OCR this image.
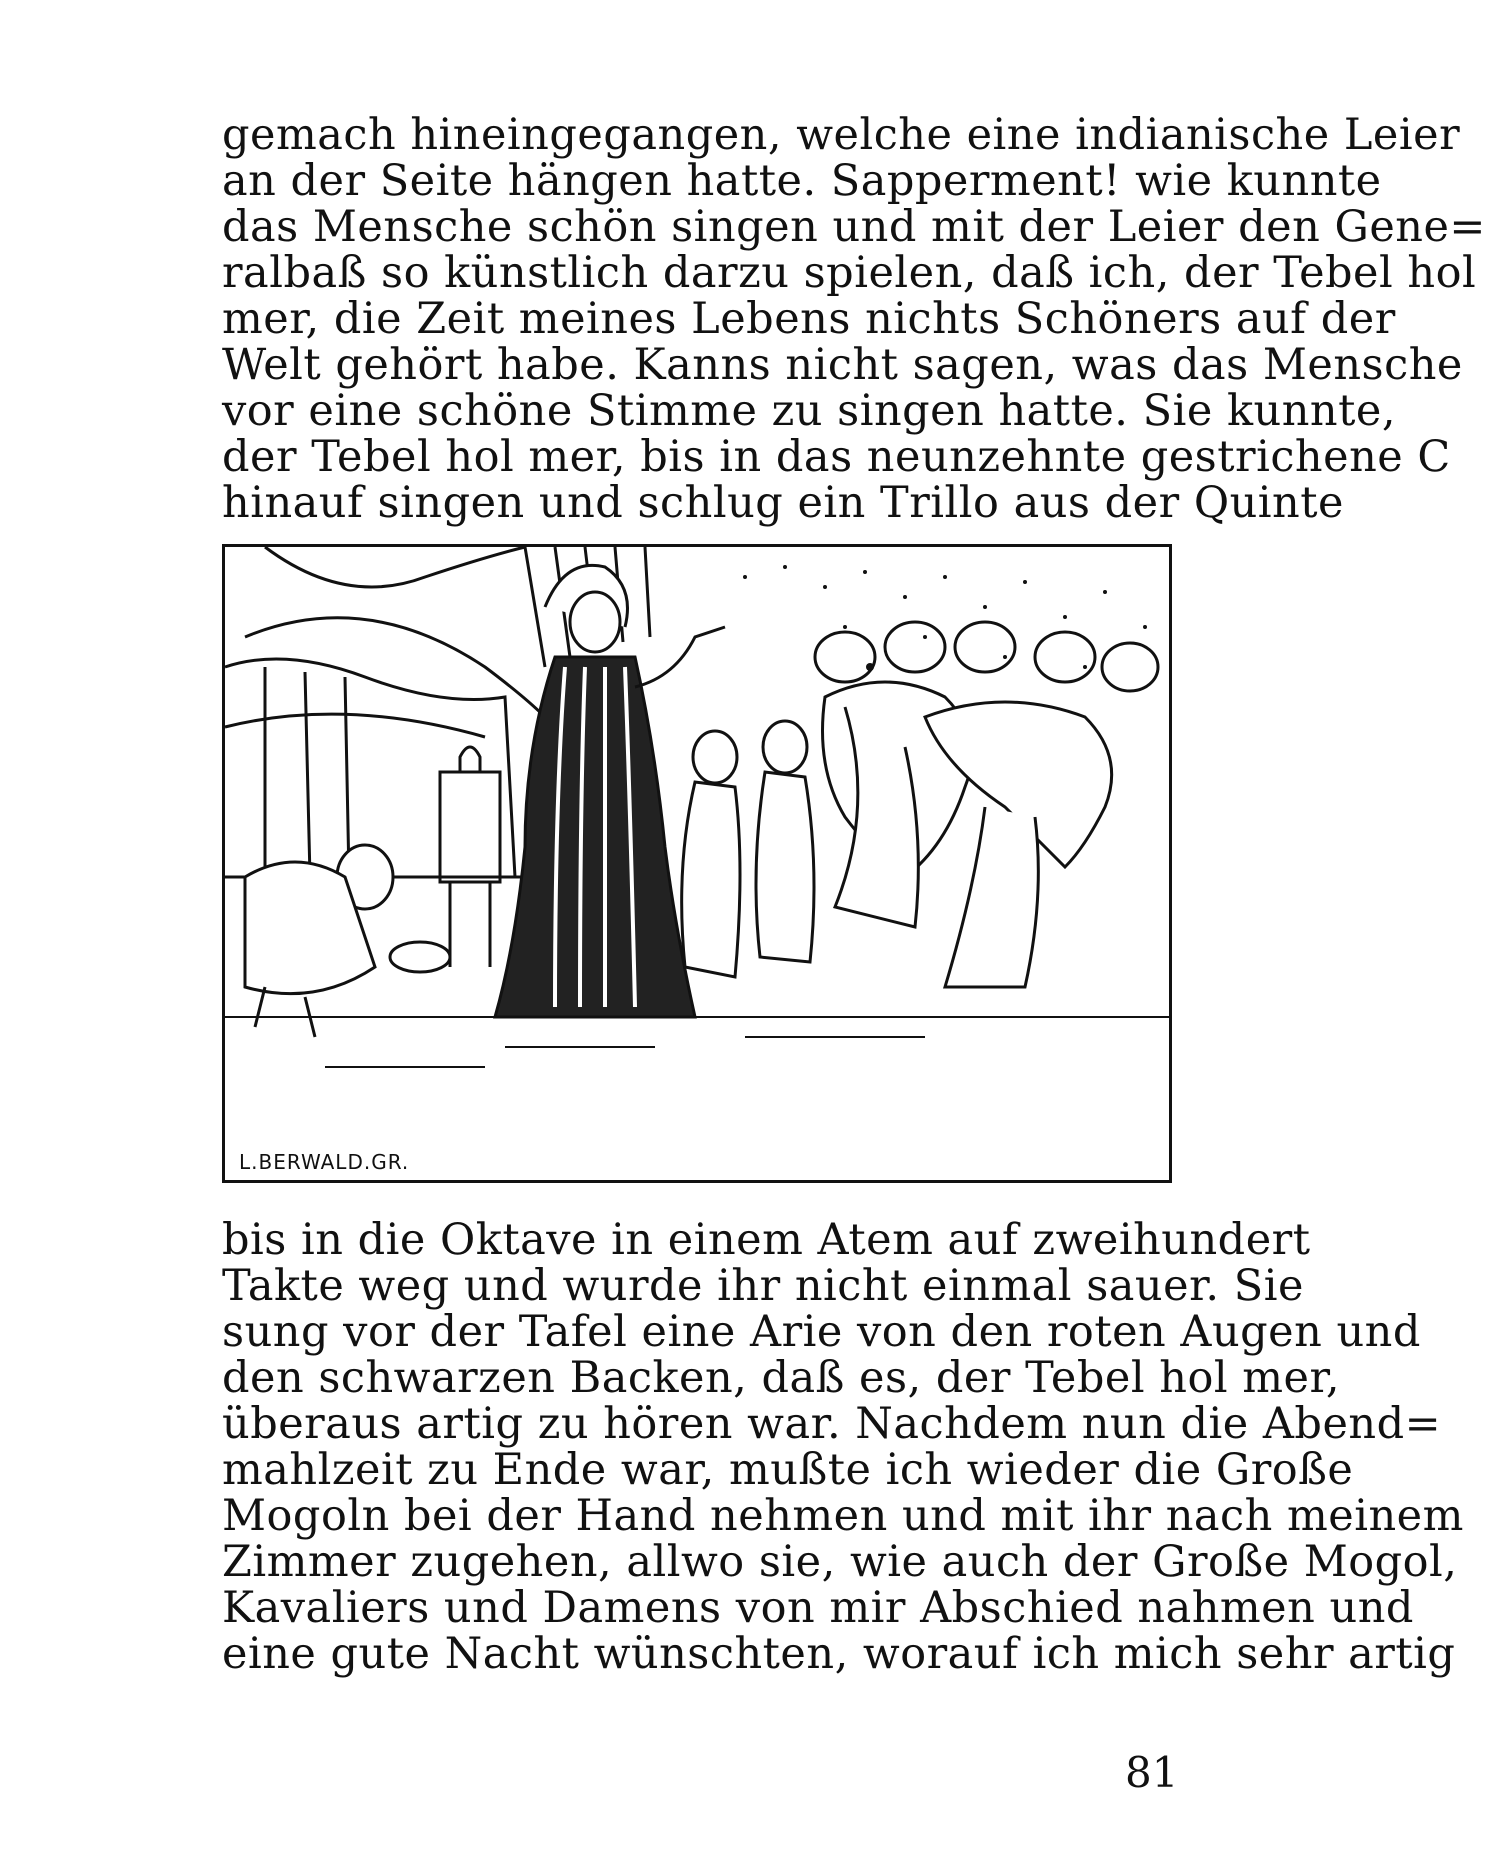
gemach hineingegangen, welche eine indianische Leier
an der Seite hängen hatte. Sapperment! wie kunnte
das Mensche schön singen und mit der Leier den Gene=
ralbaß so künstlich darzu spielen, daß ich, der Tebel hol
mer, die Zeit meines Lebens nichts Schöners auf der
Welt gehört habe. Kanns nicht sagen, was das Mensche
vor eine schöne Stimme zu singen hatte. Sie kunnte,
der Tebel hol mer, bis in das neunzehnte gestrichene C
hinauf singen und schlug ein Trillo aus der Quinte
L.BERWALD.GR.
bis in die Oktave in einem Atem auf zweihundert
Takte weg und wurde ihr nicht einmal sauer. Sie
sung vor der Tafel eine Arie von den roten Augen und
den schwarzen Backen, daß es, der Tebel hol mer,
überaus artig zu hören war. Nachdem nun die Abend=
mahlzeit zu Ende war, mußte ich wieder die Große
Mogoln bei der Hand nehmen und mit ihr nach meinem
Zimmer zugehen, allwo sie, wie auch der Große Mogol,
Kavaliers und Damens von mir Abschied nahmen und
eine gute Nacht wünschten, worauf ich mich sehr artig
81
